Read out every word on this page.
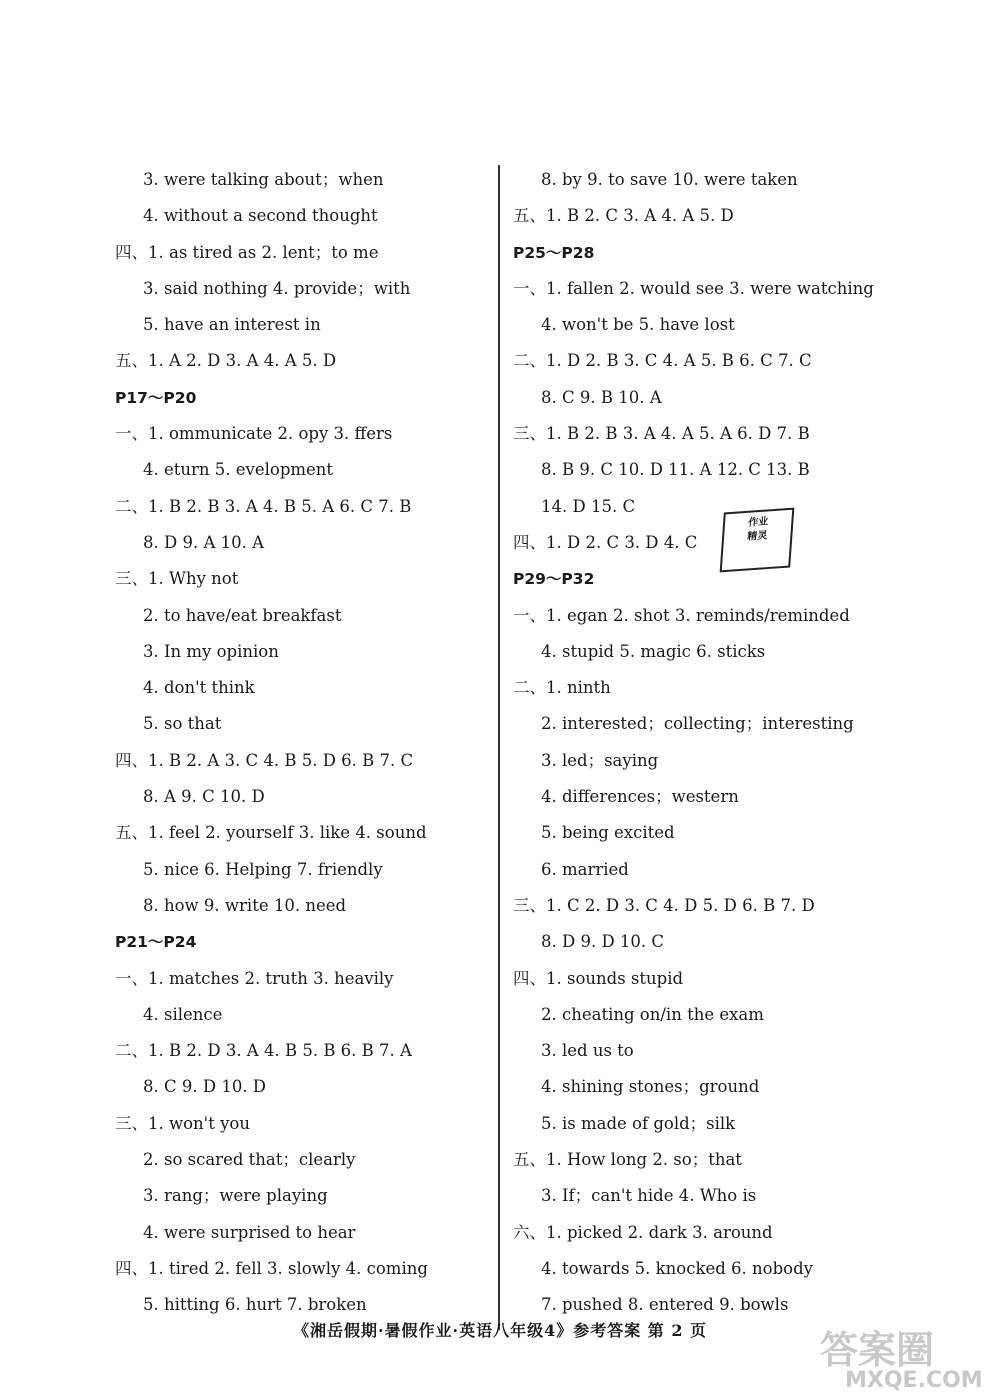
3. were talking about；when
4. without a second thought
四、1. as tired as 2. lent；to me
3. said nothing 4. provide；with
5. have an interest in
五、1. A 2. D 3. A 4. A 5. D
P17～P20
一、1. ommunicate 2. opy 3. ffers
4. eturn 5. evelopment
二、1. B 2. B 3. A 4. B 5. A 6. C 7. B
8. D 9. A 10. A
三、1. Why not
2. to have/eat breakfast
3. In my opinion
4. don't think
5. so that
四、1. B 2. A 3. C 4. B 5. D 6. B 7. C
8. A 9. C 10. D
五、1. feel 2. yourself 3. like 4. sound
5. nice 6. Helping 7. friendly
8. how 9. write 10. need
P21～P24
一、1. matches 2. truth 3. heavily
4. silence
二、1. B 2. D 3. A 4. B 5. B 6. B 7. A
8. C 9. D 10. D
三、1. won't you
2. so scared that；clearly
3. rang；were playing
4. were surprised to hear
四、1. tired 2. fell 3. slowly 4. coming
5. hitting 6. hurt 7. broken
8. by 9. to save 10. were taken
五、1. B 2. C 3. A 4. A 5. D
P25～P28
一、1. fallen 2. would see 3. were watching
4. won't be 5. have lost
二、1. D 2. B 3. C 4. A 5. B 6. C 7. C
8. C 9. B 10. A
三、1. B 2. B 3. A 4. A 5. A 6. D 7. B
8. B 9. C 10. D 11. A 12. C 13. B
14. D 15. C
四、1. D 2. C 3. D 4. C
P29～P32
一、1. egan 2. shot 3. reminds/reminded
4. stupid 5. magic 6. sticks
二、1. ninth
2. interested；collecting；interesting
3. led；saying
4. differences；western
5. being excited
6. married
三、1. C 2. D 3. C 4. D 5. D 6. B 7. D
8. D 9. D 10. C
四、1. sounds stupid
2. cheating on/in the exam
3. led us to
4. shining stones；ground
5. is made of gold；silk
五、1. How long 2. so；that
3. If；can't hide 4. Who is
六、1. picked 2. dark 3. around
4. towards 5. knocked 6. nobody
7. pushed 8. entered 9. bowls
作业
精灵
《湘岳假期·暑假作业·英语八年级4》参考答案 第 2 页	答案圈
MXQE.COM
